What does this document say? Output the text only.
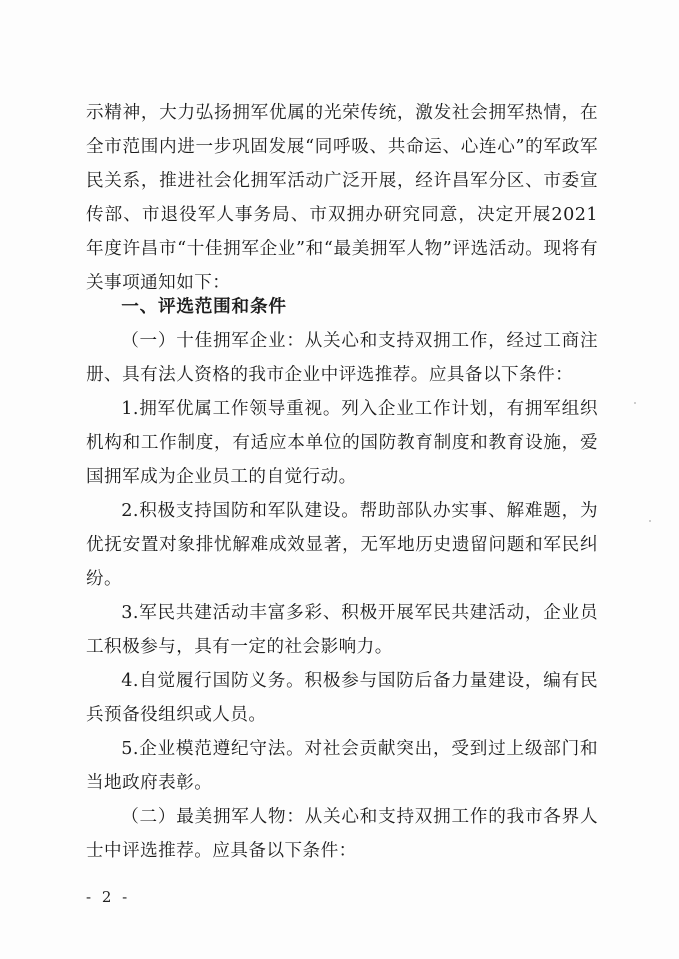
示精神，大力弘扬拥军优属的光荣传统，激发社会拥军热情，在全市范围内进一步巩固发展“同呼吸、共命运、心连心”的军政军民关系，推进社会化拥军活动广泛开展，经许昌军分区、市委宣传部、市退役军人事务局、市双拥办研究同意，决定开展2021年度许昌市“十佳拥军企业”和“最美拥军人物”评选活动。现将有关事项通知如下：

一、评选范围和条件

（一）十佳拥军企业：从关心和支持双拥工作，经过工商注册、具有法人资格的我市企业中评选推荐。应具备以下条件：

1.拥军优属工作领导重视。列入企业工作计划，有拥军组织机构和工作制度，有适应本单位的国防教育制度和教育设施，爱国拥军成为企业员工的自觉行动。

2.积极支持国防和军队建设。帮助部队办实事、解难题，为优抚安置对象排忧解难成效显著，无军地历史遗留问题和军民纠纷。

3.军民共建活动丰富多彩、积极开展军民共建活动，企业员工积极参与，具有一定的社会影响力。

4.自觉履行国防义务。积极参与国防后备力量建设，编有民兵预备役组织或人员。

5.企业模范遵纪守法。对社会贡献突出，受到过上级部门和当地政府表彰。

（二）最美拥军人物：从关心和支持双拥工作的我市各界人士中评选推荐。应具备以下条件：

- 2 -
